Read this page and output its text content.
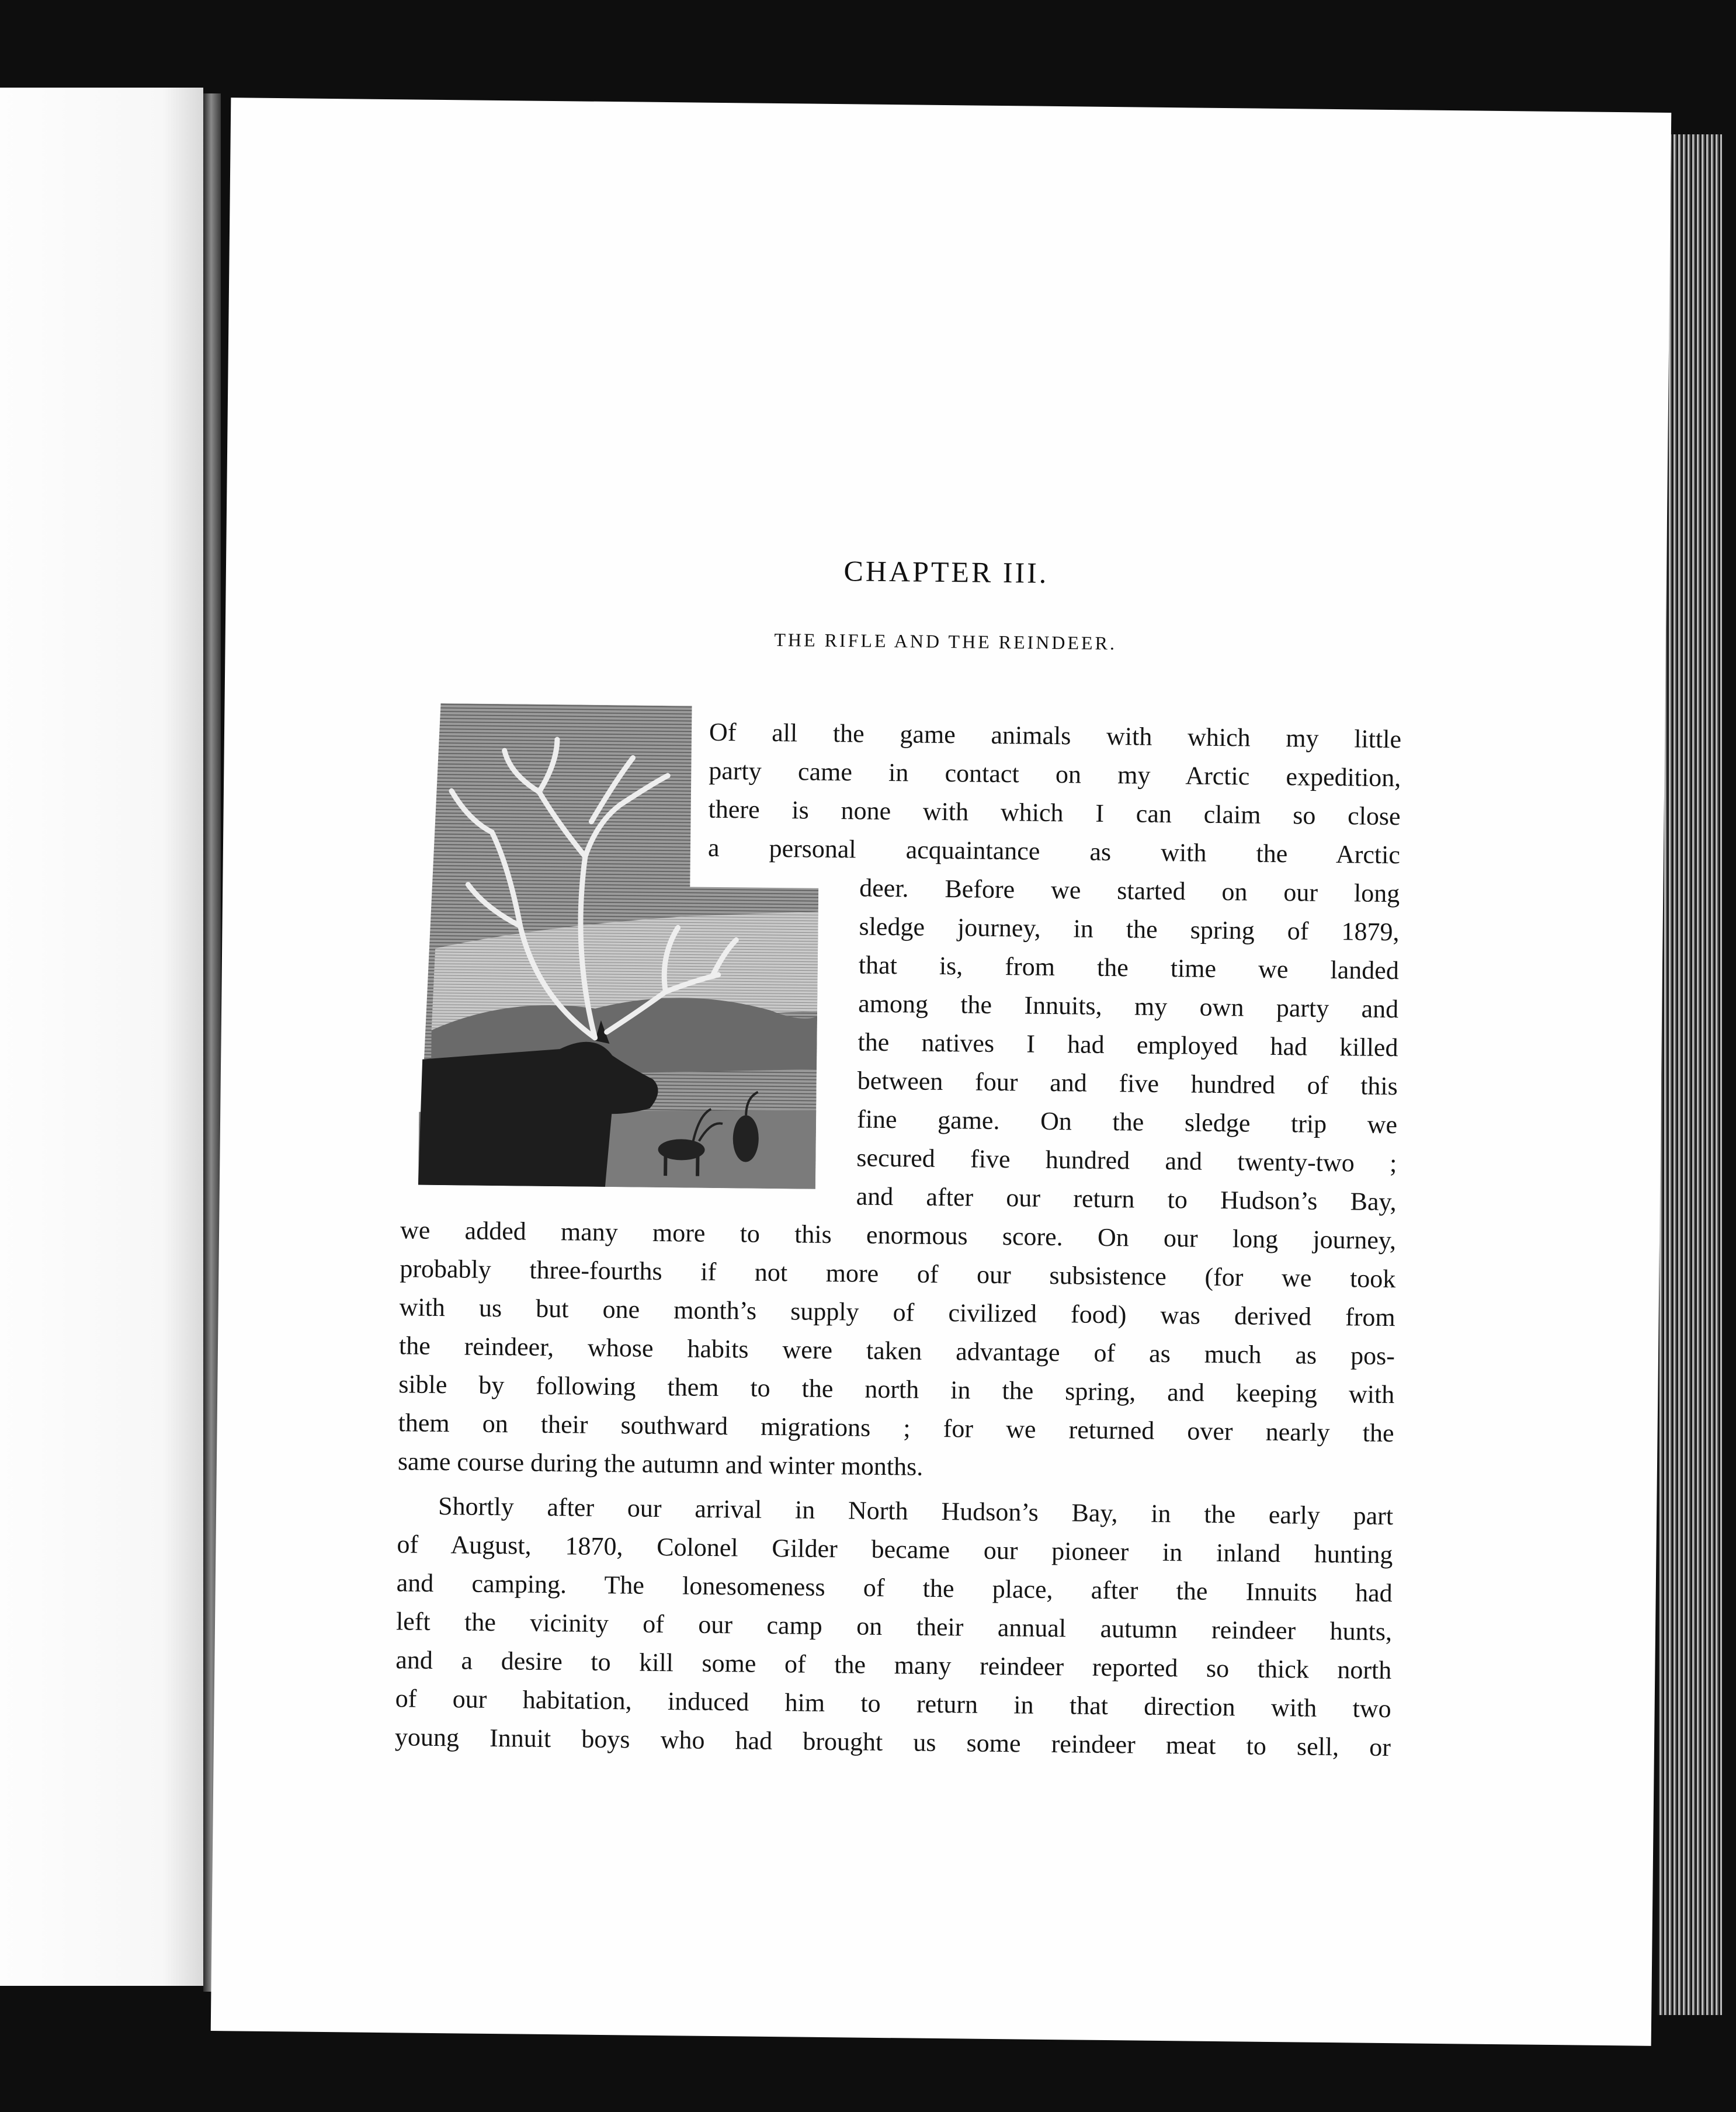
CHAPTER III.
THE RIFLE AND THE REINDEER.
Of all the game animals with which my little
party came in contact on my Arctic expedition,
there is none with which I can claim so close
a personal acquaintance as with the Arctic
deer. Before we started on our long
sledge journey, in the spring of 1879,
that is, from the time we landed
among the Innuits, my own party and
the natives I had employed had killed
between four and five hundred of this
fine game. On the sledge trip we
secured five hundred and twenty-two ;
and after our return to Hudson’s Bay,
we added many more to this enormous score. On our long journey,
probably three-fourths if not more of our subsistence (for we took
with us but one month’s supply of civilized food) was derived from
the reindeer, whose habits were taken advantage of as much as pos-
sible by following them to the north in the spring, and keeping with
them on their southward migrations ; for we returned over nearly the
same course during the autumn and winter months.
Shortly after our arrival in North Hudson’s Bay, in the early part
of August, 1870, Colonel Gilder became our pioneer in inland hunting
and camping. The lonesomeness of the place, after the Innuits had
left the vicinity of our camp on their annual autumn reindeer hunts,
and a desire to kill some of the many reindeer reported so thick north
of our habitation, induced him to return in that direction with two
young Innuit boys who had brought us some reindeer meat to sell, or
